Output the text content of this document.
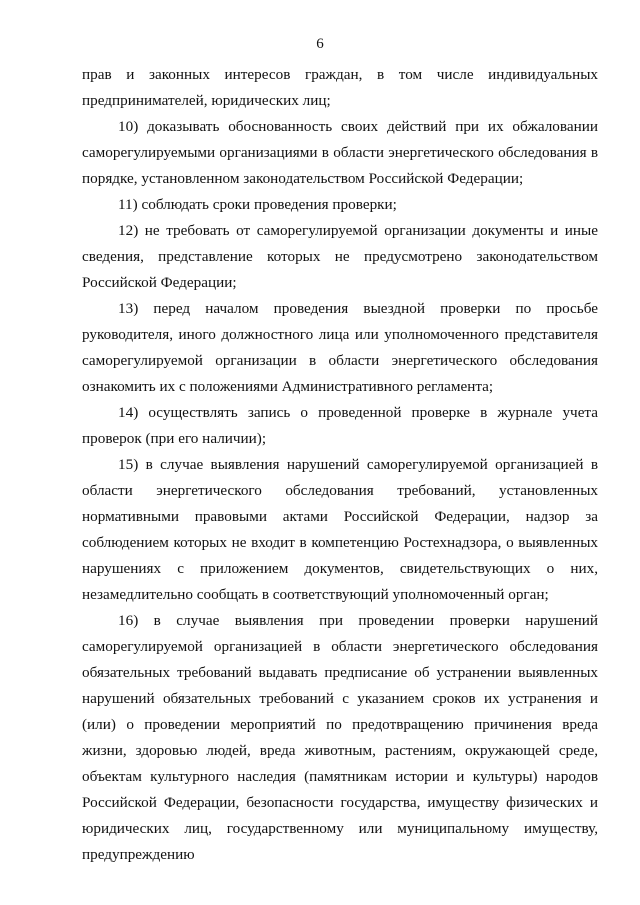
6

прав и законных интересов граждан, в том числе индивидуальных предпринимателей, юридических лиц;

10) доказывать обоснованность своих действий при их обжаловании саморегулируемыми организациями в области энергетического обследования в порядке, установленном законодательством Российской Федерации;

11) соблюдать сроки проведения проверки;

12) не требовать от саморегулируемой организации документы и иные сведения, представление которых не предусмотрено законодательством Российской Федерации;

13) перед началом проведения выездной проверки по просьбе руководителя, иного должностного лица или уполномоченного представителя саморегулируемой организации в области энергетического обследования ознакомить их с положениями Административного регламента;

14) осуществлять запись о проведенной проверке в журнале учета проверок (при его наличии);

15) в случае выявления нарушений саморегулируемой организацией в области энергетического обследования требований, установленных нормативными правовыми актами Российской Федерации, надзор за соблюдением которых не входит в компетенцию Ростехнадзора, о выявленных нарушениях с приложением документов, свидетельствующих о них, незамедлительно сообщать в соответствующий уполномоченный орган;

16) в случае выявления при проведении проверки нарушений саморегулируемой организацией в области энергетического обследования обязательных требований выдавать предписание об устранении выявленных нарушений обязательных требований с указанием сроков их устранения и (или) о проведении мероприятий по предотвращению причинения вреда жизни, здоровью людей, вреда животным, растениям, окружающей среде, объектам культурного наследия (памятникам истории и культуры) народов Российской Федерации, безопасности государства, имуществу физических и юридических лиц, государственному или муниципальному имуществу, предупреждению
